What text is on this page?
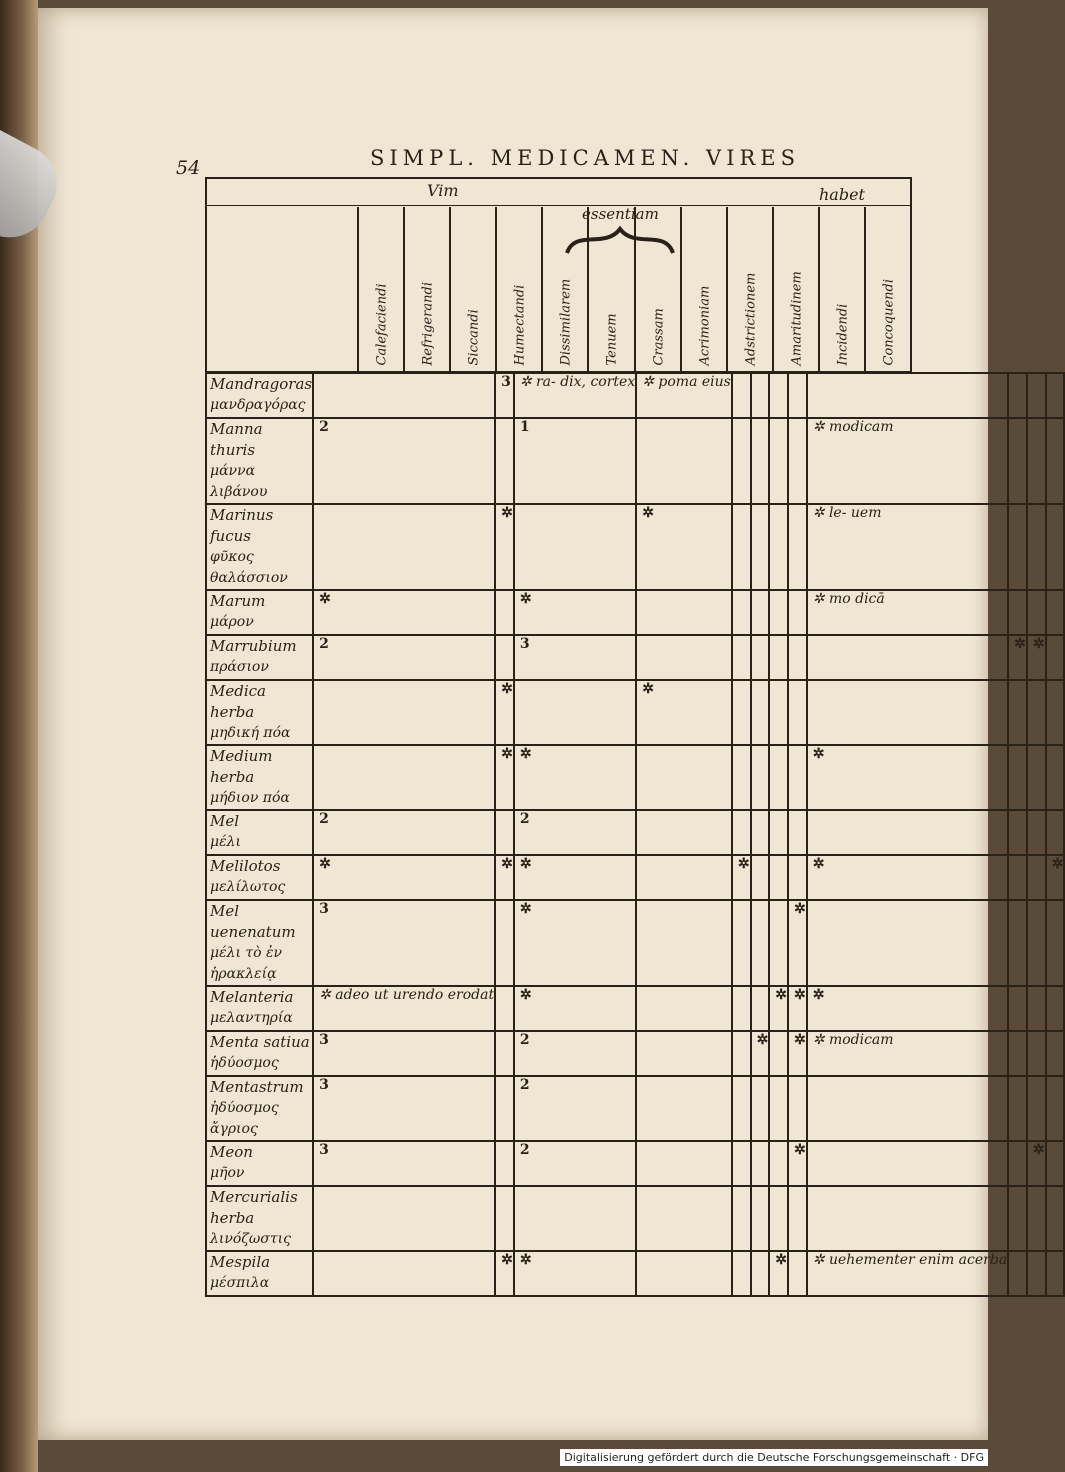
54	SIMPL. MEDICAMEN. VIRES
Vim	habet
essentiam
Calefaciendi Refrigerandi Siccandi Humectandi Dissimilarem Tenuem Crassam Acrimoniam Adstrictionem Amaritudinem Incidendi Concoquendi
Mandragoras
μανδραγόρας		3	✲ ra- dix, cortex	✲ poma eius								

Manna thuris
μάννα λιβάνου	2		1						✲ modicam			

Marinus fucus
φῦκος θαλάσσιον		✲		✲					✲ le- uem			

Marum
μάρον	✲		✲						✲ mo dicā			

Marrubium
πράσιον	2		3							✲	✲	

Medica herba
μηδική πόα		✲		✲								

Medium herba
μήδιον πόα		✲	✲						✲			

Mel
μέλι	2		2									

Melilotos
μελίλωτος	✲	✲	✲		✲				✲			✲

Mel uenenatum
μέλι τὸ ἐν ἡρακλείᾳ	3		✲					✲				

Melanteria
μελαντηρία	✲ adeo ut urendo erodat		✲				✲	✲	✲			

Menta satiua
ἡδύοσμος	3		2			✲		✲	✲ modicam			

Mentastrum
ἡδύοσμος ἄγριος	3		2									

Meon
μῆον	3		2					✲			✲	

Mercurialis herba
λινόζωστις												

Mespila
μέσπιλα		✲	✲				✲		✲ uehementer enim acerba			
Digitalisierung gefördert durch die Deutsche Forschungsgemeinschaft · DFG
